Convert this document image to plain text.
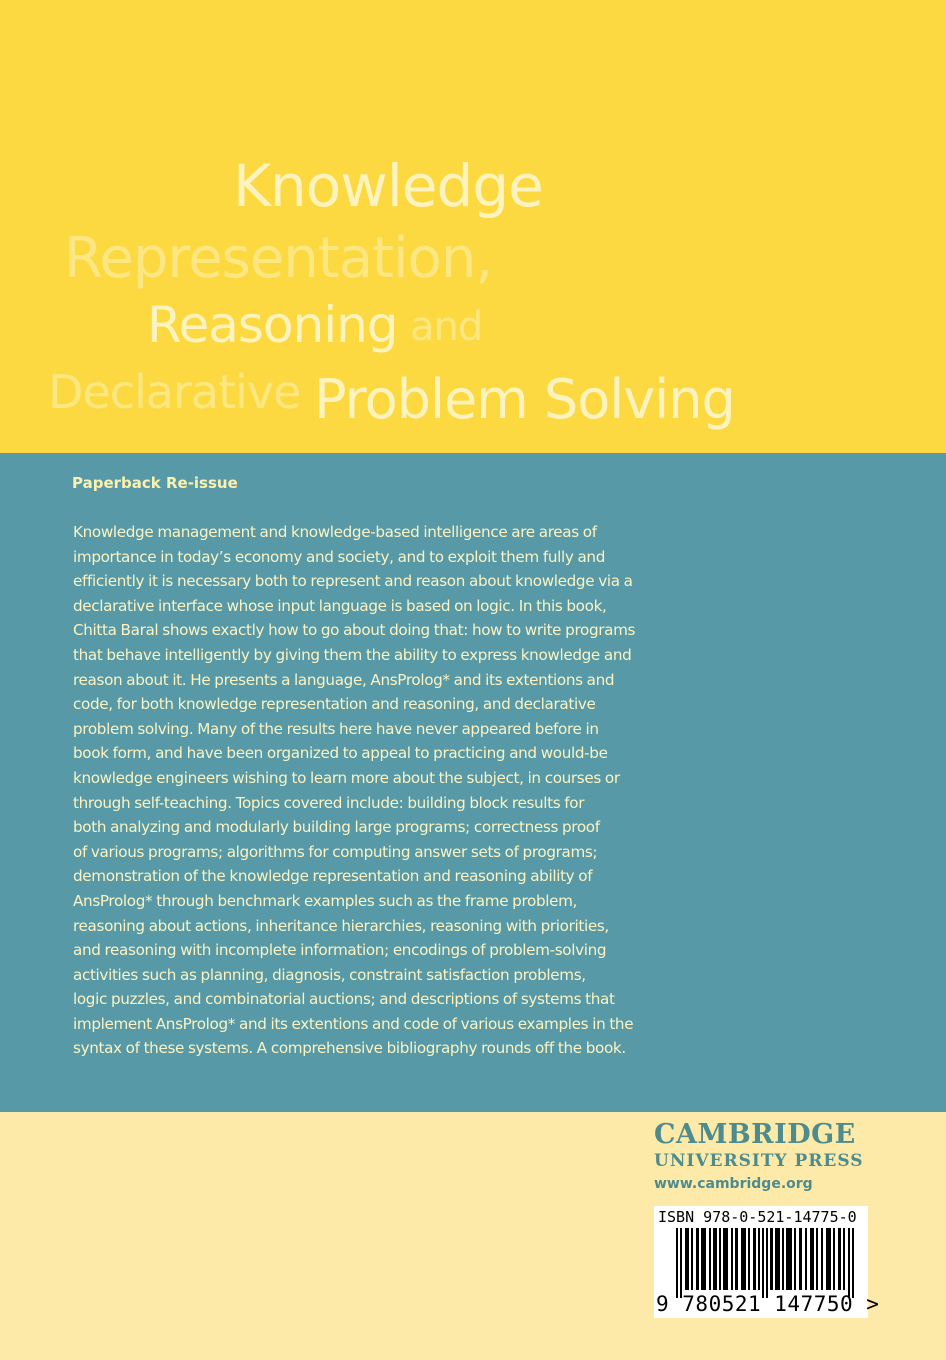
Knowledge
Representation,
Reasoning and
Declarative Problem Solving
Paperback Re-issue
Knowledge management and knowledge-based intelligence are areas of
importance in today’s economy and society, and to exploit them fully and
efficiently it is necessary both to represent and reason about knowledge via a
declarative interface whose input language is based on logic. In this book,
Chitta Baral shows exactly how to go about doing that: how to write programs
that behave intelligently by giving them the ability to express knowledge and
reason about it. He presents a language, AnsProlog* and its extentions and
code, for both knowledge representation and reasoning, and declarative
problem solving. Many of the results here have never appeared before in
book form, and have been organized to appeal to practicing and would-be
knowledge engineers wishing to learn more about the subject, in courses or
through self-teaching. Topics covered include: building block results for
both analyzing and modularly building large programs; correctness proof
of various programs; algorithms for computing answer sets of programs;
demonstration of the knowledge representation and reasoning ability of
AnsProlog* through benchmark examples such as the frame problem,
reasoning about actions, inheritance hierarchies, reasoning with priorities,
and reasoning with incomplete information; encodings of problem-solving
activities such as planning, diagnosis, constraint satisfaction problems,
logic puzzles, and combinatorial auctions; and descriptions of systems that
implement AnsProlog* and its extentions and code of various examples in the
syntax of these systems. A comprehensive bibliography rounds off the book.
CAMBRIDGE
UNIVERSITY PRESS
www.cambridge.org
ISBN 978-0-521-14775-0
9 780521 147750 >
